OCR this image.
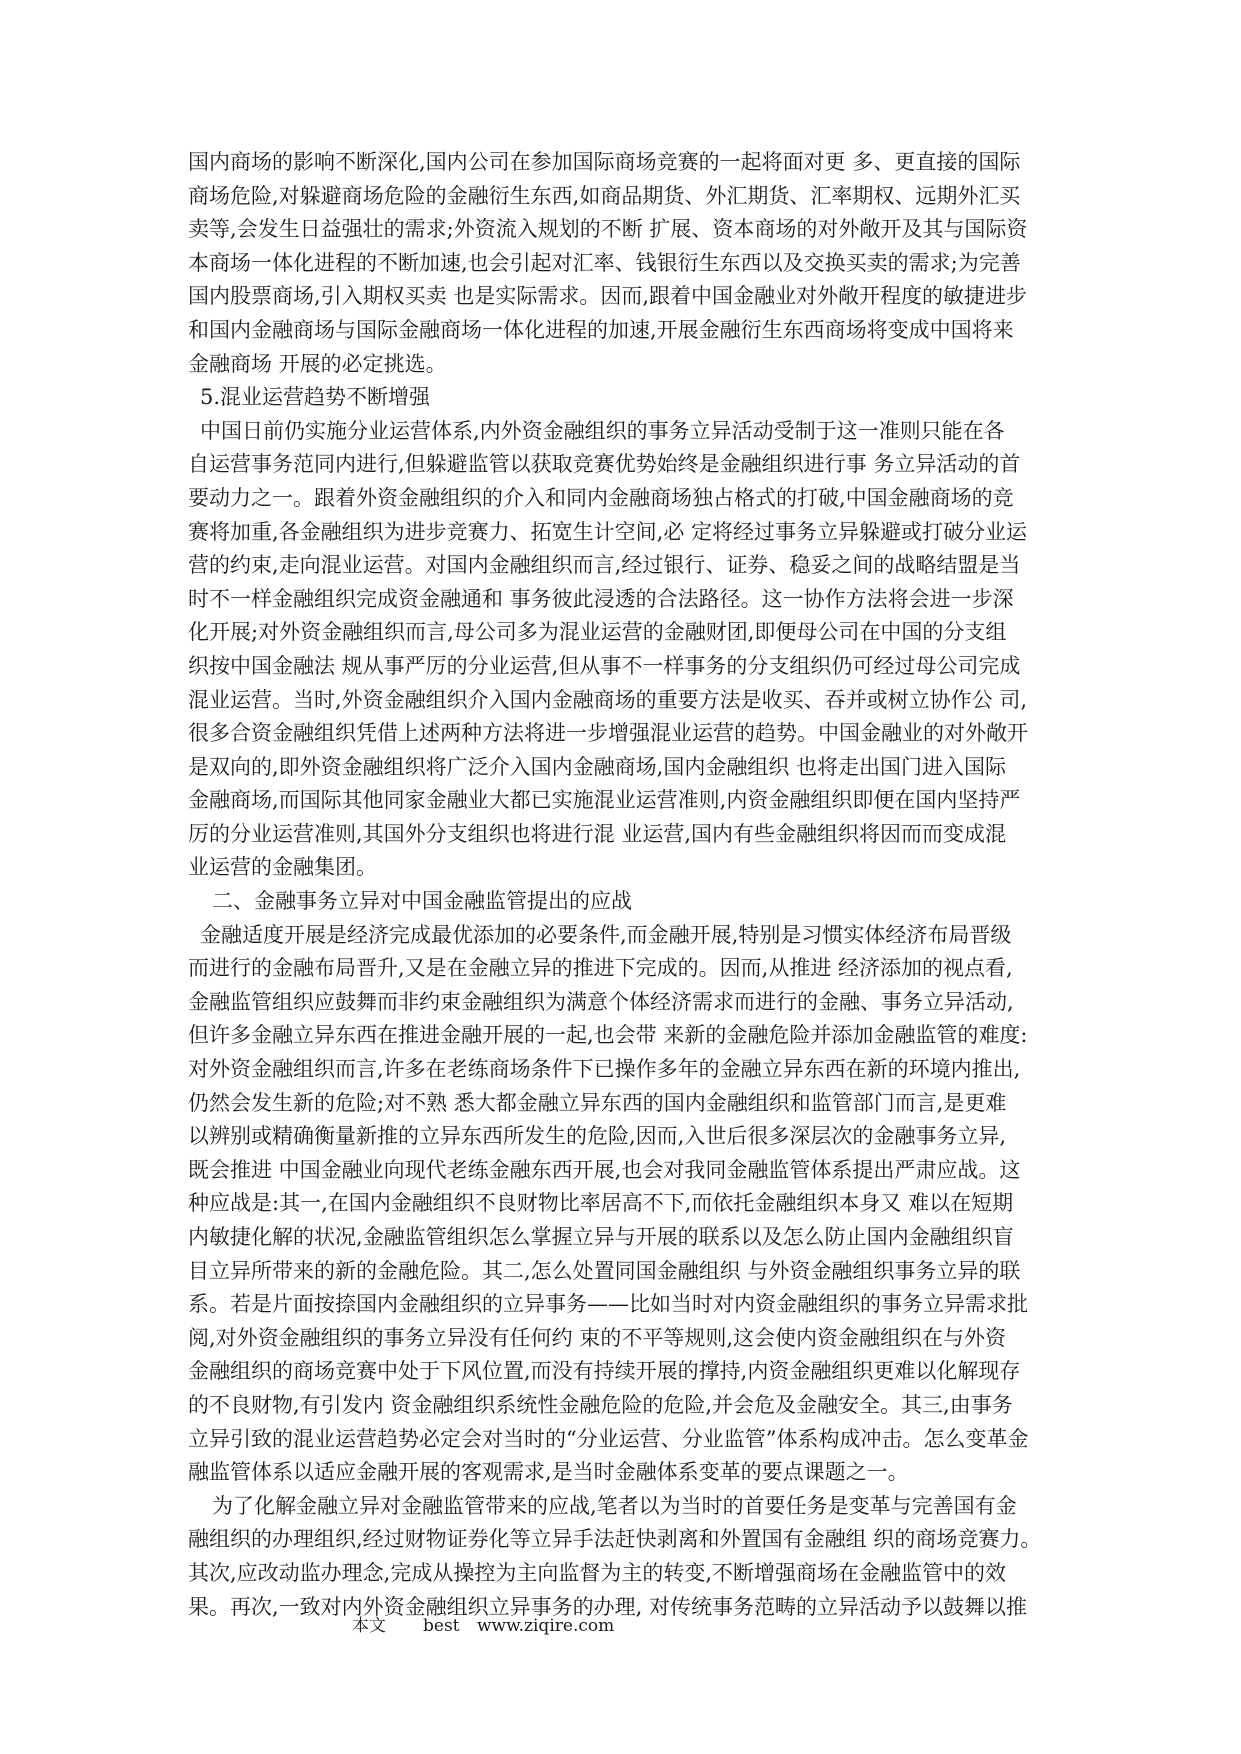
国内商场的影响不断深化,国内公司在参加国际商场竞赛的一起将面对更 多、更直接的国际
商场危险,对躲避商场危险的金融衍生东西,如商品期货、外汇期货、汇率期权、远期外汇买
卖等,会发生日益强壮的需求;外资流入规划的不断 扩展、资本商场的对外敞开及其与国际资
本商场一体化进程的不断加速,也会引起对汇率、钱银衍生东西以及交换买卖的需求;为完善
国内股票商场,引入期权买卖 也是实际需求。因而,跟着中国金融业对外敞开程度的敏捷进步
和国内金融商场与国际金融商场一体化进程的加速,开展金融衍生东西商场将变成中国将来
金融商场 开展的必定挑选。
5.混业运营趋势不断增强
中国日前仍实施分业运营体系,内外资金融组织的事务立异活动受制于这一准则只能在各
自运营事务范同内进行,但躲避监管以获取竞赛优势始终是金融组织进行事 务立异活动的首
要动力之一。跟着外资金融组织的介入和同内金融商场独占格式的打破,中国金融商场的竞
赛将加重,各金融组织为进步竞赛力、拓宽生计空间,必 定将经过事务立异躲避或打破分业运
营的约束,走向混业运营。对国内金融组织而言,经过银行、证券、稳妥之间的战略结盟是当
时不一样金融组织完成资金融通和 事务彼此浸透的合法路径。这一协作方法将会进一步深
化开展;对外资金融组织而言,母公司多为混业运营的金融财团,即便母公司在中国的分支组
织按中国金融法 规从事严厉的分业运营,但从事不一样事务的分支组织仍可经过母公司完成
混业运营。当时,外资金融组织介入国内金融商场的重要方法是收买、吞并或树立协作公 司,
很多合资金融组织凭借上述两种方法将进一步增强混业运营的趋势。中国金融业的对外敞开
是双向的,即外资金融组织将广泛介入国内金融商场,国内金融组织 也将走出国门进入国际
金融商场,而国际其他同家金融业大都已实施混业运营准则,内资金融组织即便在国内坚持严
厉的分业运营准则,其国外分支组织也将进行混 业运营,国内有些金融组织将因而而变成混
业运营的金融集团。
二、金融事务立异对中国金融监管提出的应战
金融适度开展是经济完成最优添加的必要条件,而金融开展,特别是习惯实体经济布局晋级
而进行的金融布局晋升,又是在金融立异的推进下完成的。因而,从推进 经济添加的视点看,
金融监管组织应鼓舞而非约束金融组织为满意个体经济需求而进行的金融、事务立异活动,
但许多金融立异东西在推进金融开展的一起,也会带 来新的金融危险并添加金融监管的难度:
对外资金融组织而言,许多在老练商场条件下已操作多年的金融立异东西在新的环境内推出,
仍然会发生新的危险;对不熟 悉大都金融立异东西的国内金融组织和监管部门而言,是更难
以辨别或精确衡量新推的立异东西所发生的危险,因而,入世后很多深层次的金融事务立异,
既会推进 中国金融业向现代老练金融东西开展,也会对我同金融监管体系提出严肃应战。这
种应战是:其一,在国内金融组织不良财物比率居高不下,而依托金融组织本身又 难以在短期
内敏捷化解的状况,金融监管组织怎么掌握立异与开展的联系以及怎么防止国内金融组织盲
目立异所带来的新的金融危险。其二,怎么处置同国金融组织 与外资金融组织事务立异的联
系。若是片面按捺国内金融组织的立异事务——比如当时对内资金融组织的事务立异需求批
阅,对外资金融组织的事务立异没有任何约 束的不平等规则,这会使内资金融组织在与外资
金融组织的商场竞赛中处于下风位置,而没有持续开展的撑持,内资金融组织更难以化解现存
的不良财物,有引发内 资金融组织系统性金融危险的危险,并会危及金融安全。其三,由事务
立异引致的混业运营趋势必定会对当时的“分业运营、分业监管”体系构成冲击。怎么变革金
融监管体系以适应金融开展的客观需求,是当时金融体系变革的要点课题之一。
为了化解金融立异对金融监管带来的应战,笔者以为当时的首要任务是变革与完善国有金
融组织的办理组织,经过财物证券化等立异手法赶快剥离和外置国有金融组 织的商场竞赛力。
其次,应改动监办理念,完成从操控为主向监督为主的转变,不断增强商场在金融监管中的效
果。再次,一致对内外资金融组织立异事务的办理, 对传统事务范畴的立异活动予以鼓舞以推
本文 best www.ziqire.com
